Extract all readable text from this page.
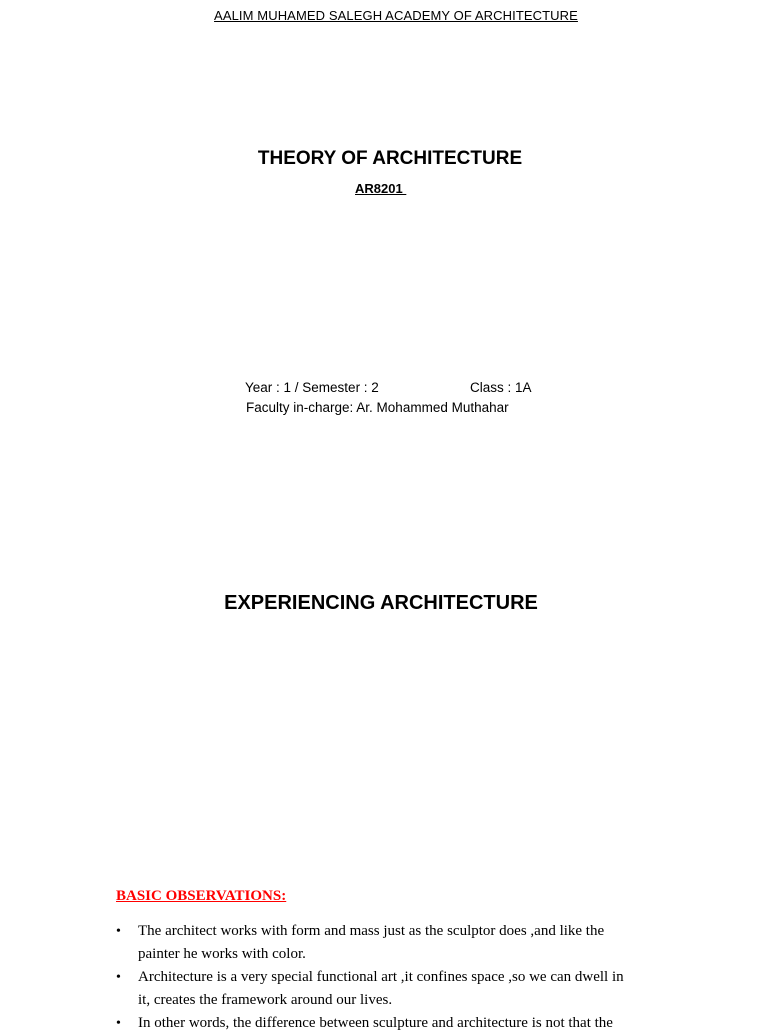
AALIM MUHAMED SALEGH ACADEMY OF ARCHITECTURE
THEORY OF ARCHITECTURE
AR8201
Year : 1 / Semester : 2	Class : 1A
Faculty in-charge: Ar. Mohammed Muthahar
EXPERIENCING ARCHITECTURE
BASIC OBSERVATIONS:
• The architect works with form and mass just as the sculptor does ,and like the painter he works with color.
• Architecture is a very special functional art ,it confines space ,so we can dwell in it, creates the framework around our lives.
• In other words, the difference between sculpture and architecture is not that the
